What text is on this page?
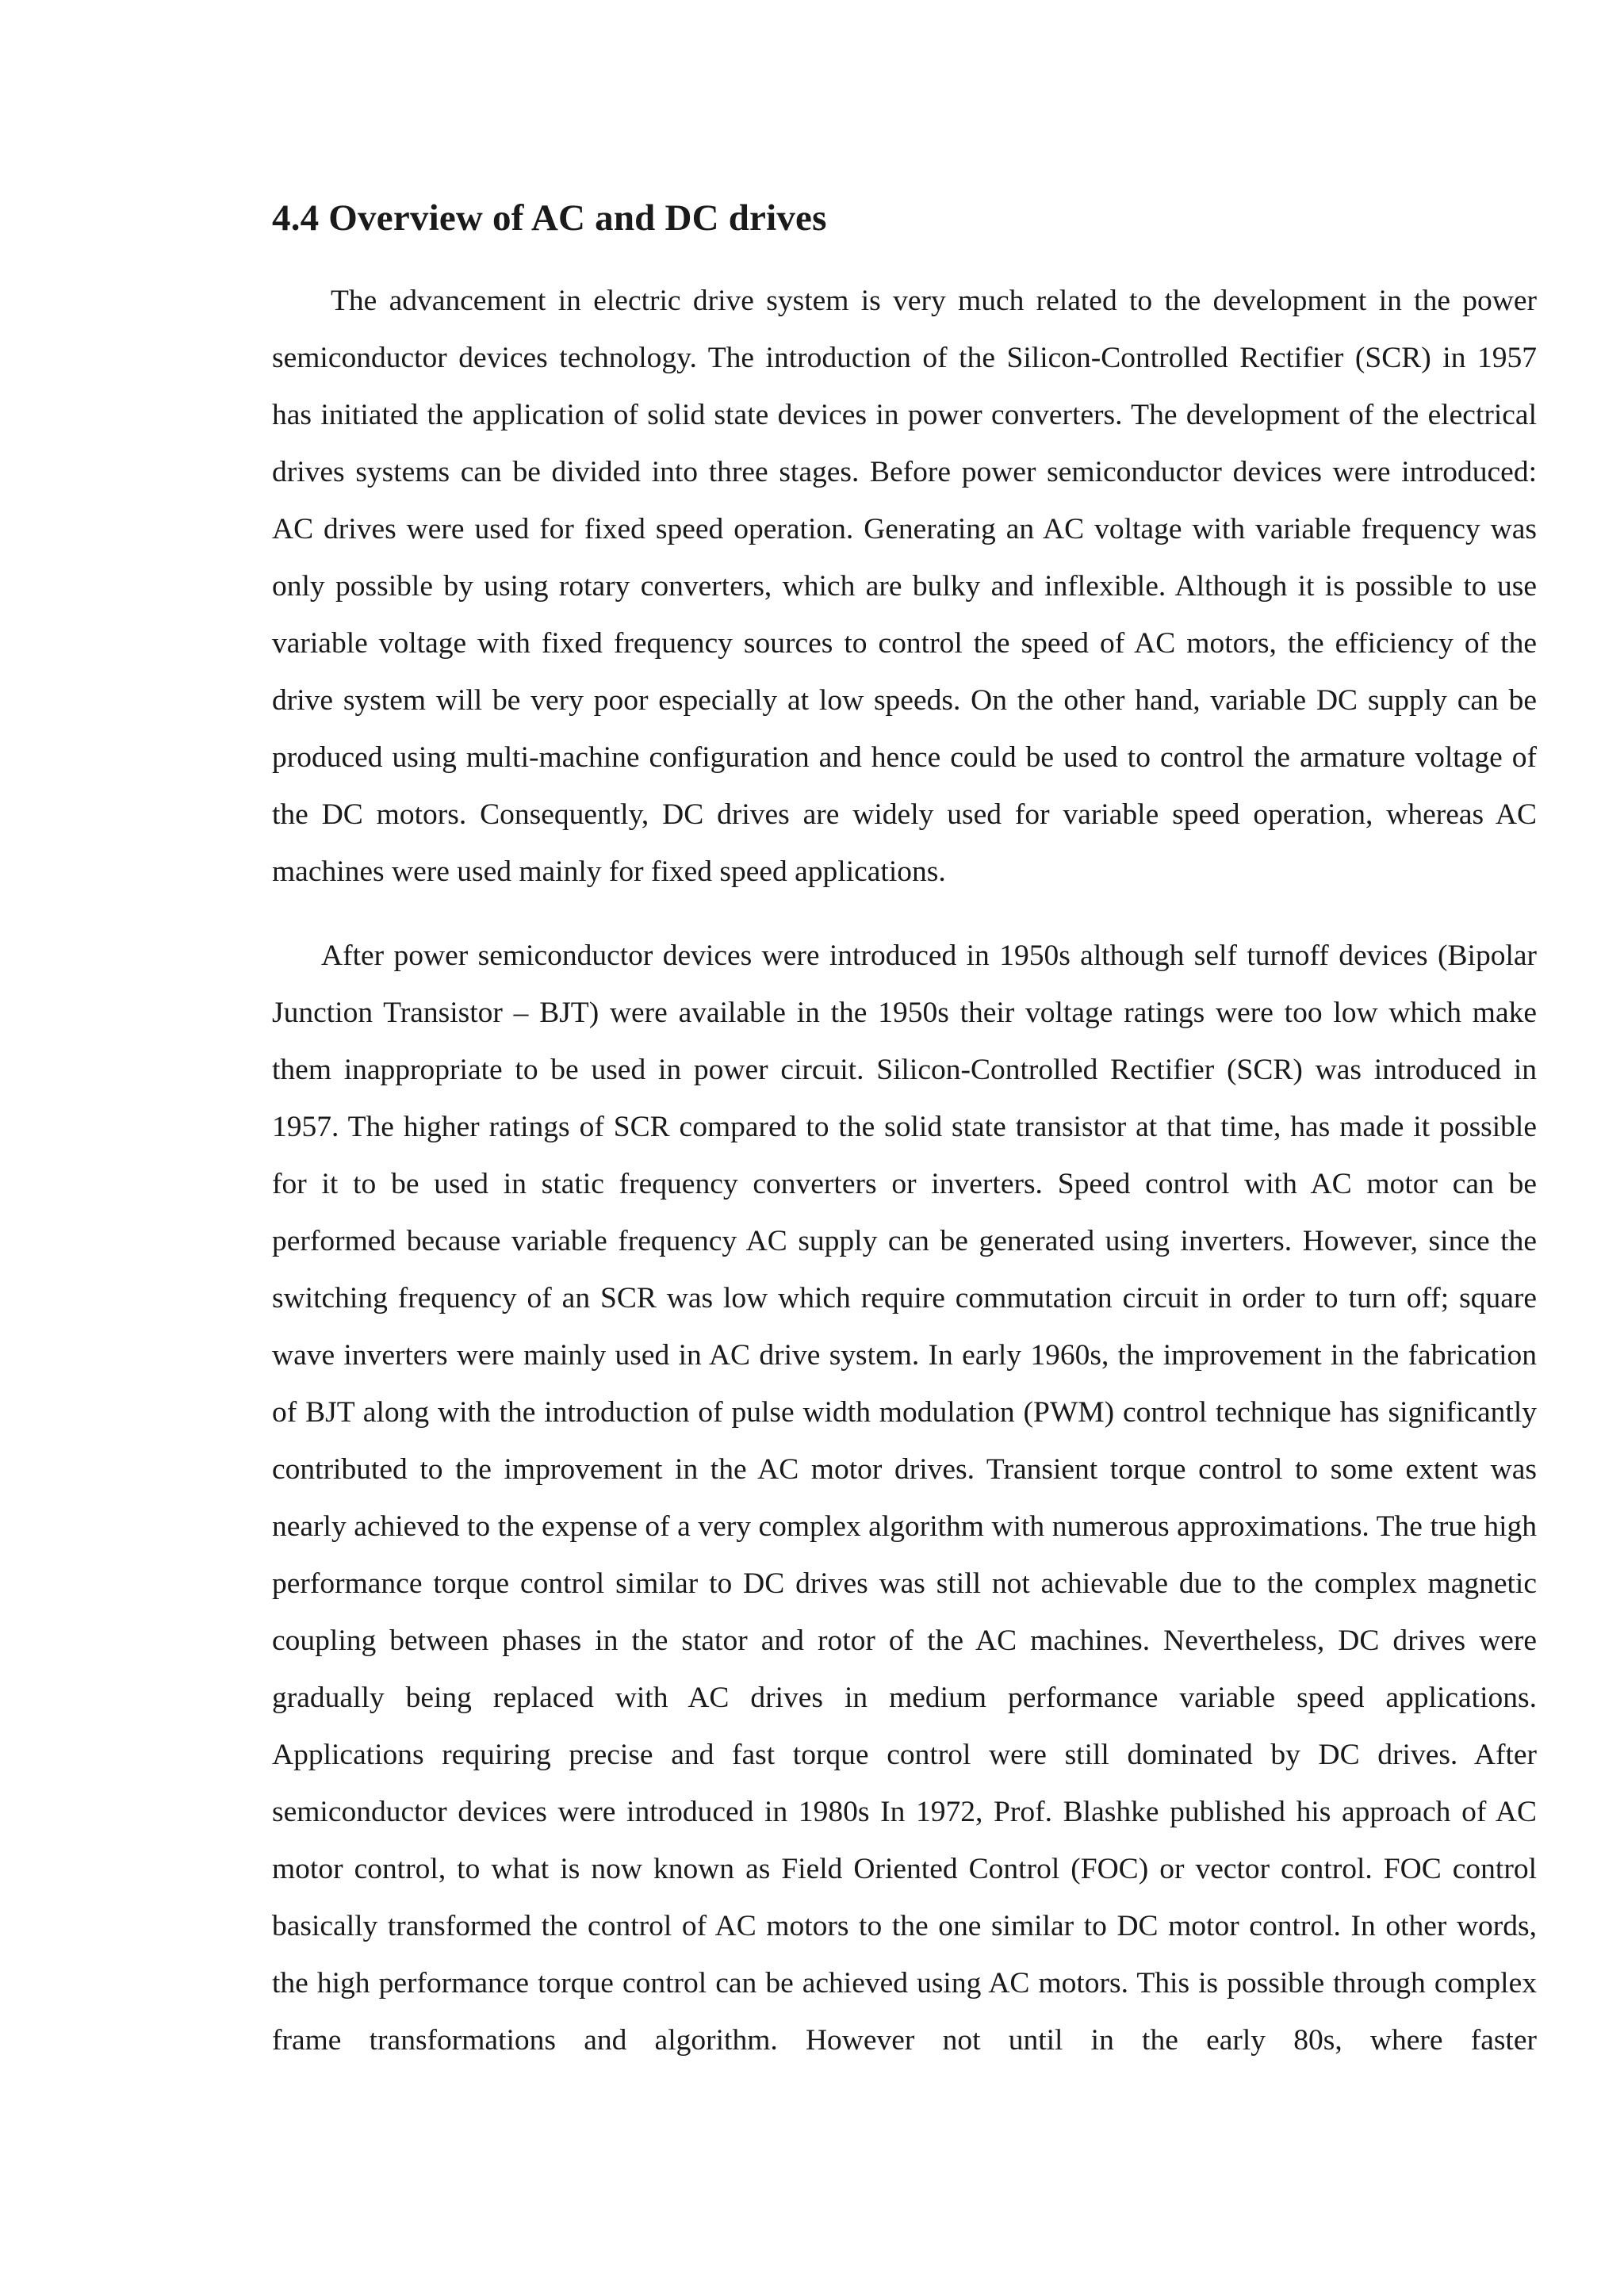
4.4 Overview of AC and DC drives

The advancement in electric drive system is very much related to the development in the power semiconductor devices technology. The introduction of the Silicon-Controlled Rectifier (SCR) in 1957 has initiated the application of solid state devices in power converters. The development of the electrical drives systems can be divided into three stages. Before power semiconductor devices were introduced: AC drives were used for fixed speed operation. Generating an AC voltage with variable frequency was only possible by using rotary converters, which are bulky and inflexible. Although it is possible to use variable voltage with fixed frequency sources to control the speed of AC motors, the efficiency of the drive system will be very poor especially at low speeds. On the other hand, variable DC supply can be produced using multi-machine configuration and hence could be used to control the armature voltage of the DC motors. Consequently, DC drives are widely used for variable speed operation, whereas AC machines were used mainly for fixed speed applications.

After power semiconductor devices were introduced in 1950s although self turnoff devices (Bipolar Junction Transistor – BJT) were available in the 1950s their voltage ratings were too low which make them inappropriate to be used in power circuit. Silicon-Controlled Rectifier (SCR) was introduced in 1957. The higher ratings of SCR compared to the solid state transistor at that time, has made it possible for it to be used in static frequency converters or inverters. Speed control with AC motor can be performed because variable frequency AC supply can be generated using inverters. However, since the switching frequency of an SCR was low which require commutation circuit in order to turn off; square wave inverters were mainly used in AC drive system. In early 1960s, the improvement in the fabrication of BJT along with the introduction of pulse width modulation (PWM) control technique has significantly contributed to the improvement in the AC motor drives. Transient torque control to some extent was nearly achieved to the expense of a very complex algorithm with numerous approximations. The true high performance torque control similar to DC drives was still not achievable due to the complex magnetic coupling between phases in the stator and rotor of the AC machines. Nevertheless, DC drives were gradually being replaced with AC drives in medium performance variable speed applications. Applications requiring precise and fast torque control were still dominated by DC drives. After semiconductor devices were introduced in 1980s In 1972, Prof. Blashke published his approach of AC motor control, to what is now known as Field Oriented Control (FOC) or vector control. FOC control basically transformed the control of AC motors to the one similar to DC motor control. In other words, the high performance torque control can be achieved using AC motors. This is possible through complex frame transformations and algorithm. However not until in the early 80s, where faster
